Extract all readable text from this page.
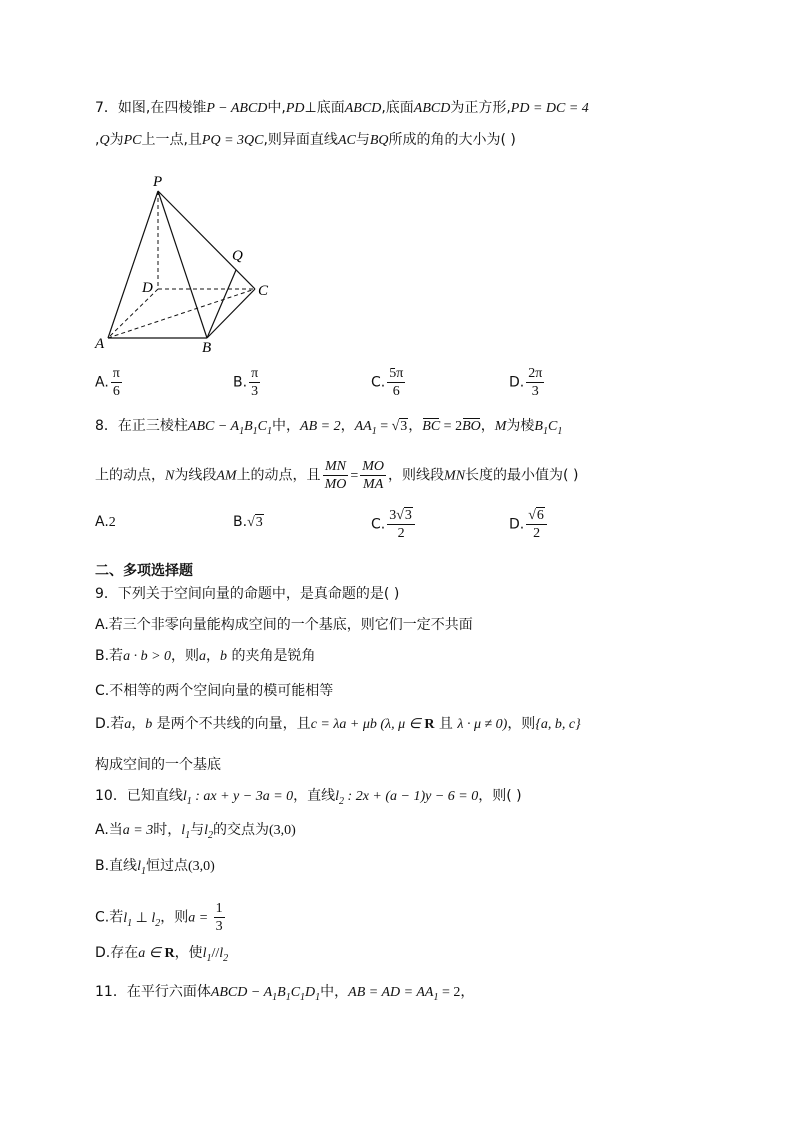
7．如图,在四棱锥P − ABCD中,PD⊥底面ABCD,底面ABCD为正方形,PD = DC = 4
,Q为PC上一点,且PQ = 3QC,则异面直线AC与BQ所成的角的大小为( )
P
Q
D	C
A	B
A. $\frac{\pi}{6}$	B. $\frac{\pi}{3}$	C. $\frac{5\pi}{6}$	D. $\frac{2\pi}{3}$
8．在正三棱柱ABC − $A_1B_1C_1$中，AB = 2，$AA_1 = √3$，BC = 2BO，M为棱$B_1C_1$
上的动点，N为线段AM上的动点，且 $\frac{MN}{MO} = \frac{MO}{MA}$ ，则线段MN长度的最小值为( )
A.2	B.√3	C. $\frac{3√3}{2}$	D. $\frac{√6}{2}$
二、多项选择题
9．下列关于空间向量的命题中，是真命题的是( )
A.若三个非零向量能构成空间的一个基底，则它们一定不共面
B.若a · b > 0，则a，b 的夹角是锐角
C.不相等的两个空间向量的模可能相等
D.若a，b 是两个不共线的向量，且c = λa + μb (λ, μ ∈ R 且 λ · μ ≠ 0)，则{a, b, c}
构成空间的一个基底
10．已知直线$l_1$ : ax + y − 3a = 0，直线$l_2$ : 2x + (a − 1)y − 6 = 0，则( )
A.当a = 3时，$l_1$与$l_2$的交点为(3,0)
B.直线$l_1$恒过点(3,0)
C.若$l_1$ ⊥ $l_2$，则$a = \frac{1}{3}$
D.存在a ∈ R，使$l_1//l_2$
11．在平行六面体ABCD − $A_1B_1C_1D_1$中，AB = AD = $AA_1 = 2$，
